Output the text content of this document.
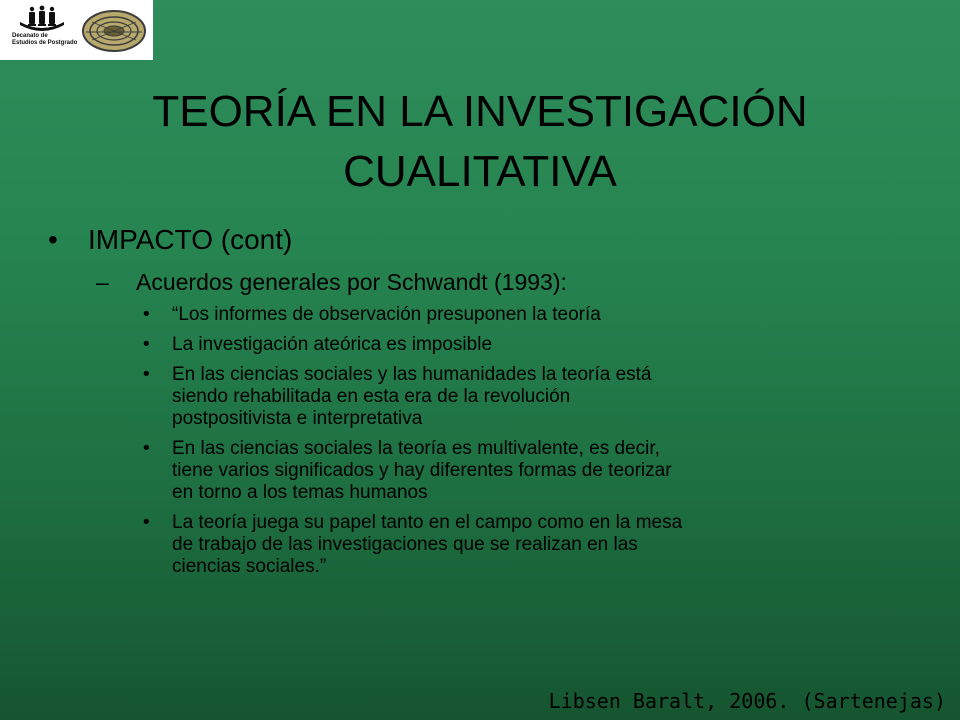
Decanato de
Estudios de Postgrado
TEORÍA EN LA INVESTIGACIÓN
CUALITATIVA
• IMPACTO (cont)
– Acuerdos generales por Schwandt (1993):
• “Los informes de observación presuponen la teoría
• La investigación ateórica es imposible
• En las ciencias sociales y las humanidades la teoría está
siendo rehabilitada en esta era de la revolución
postpositivista e interpretativa
• En las ciencias sociales la teoría es multivalente, es decir,
tiene varios significados y hay diferentes formas de teorizar
en torno a los temas humanos
• La teoría juega su papel tanto en el campo como en la mesa
de trabajo de las investigaciones que se realizan en las
ciencias sociales.”
Libsen Baralt, 2006. (Sartenejas)
